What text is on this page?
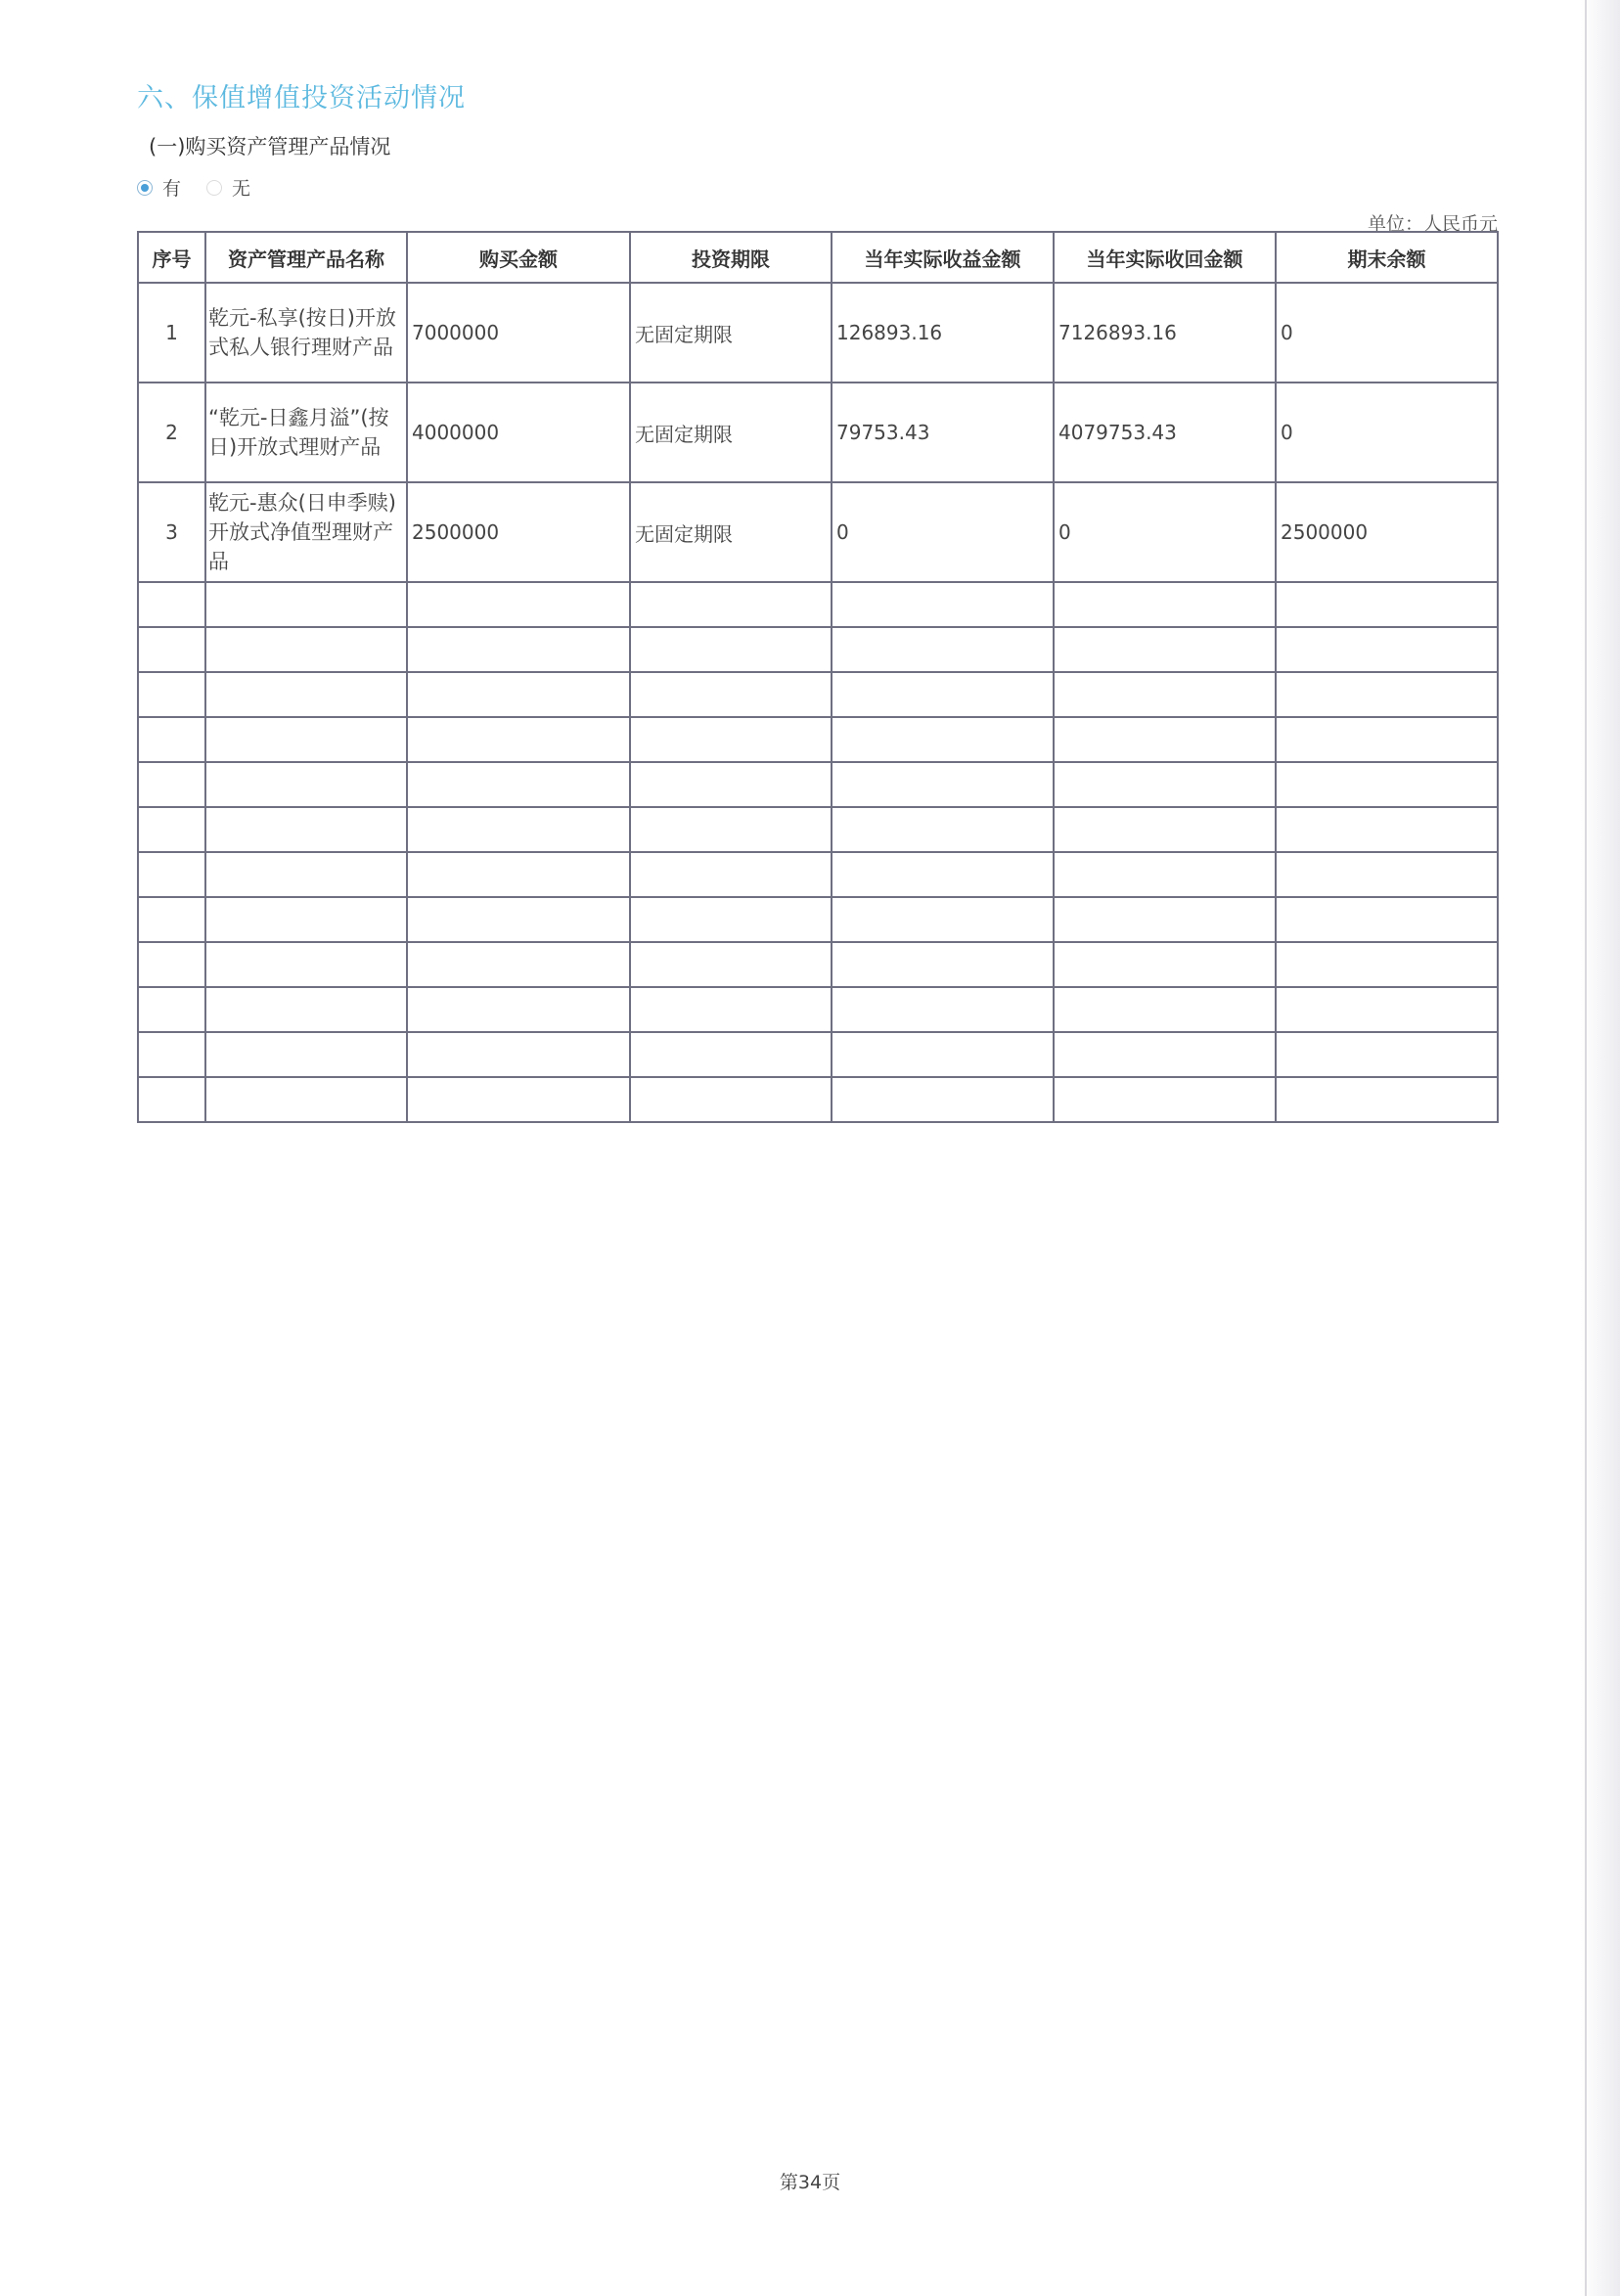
六、保值增值投资活动情况
(一)购买资产管理产品情况
有	无
单位：人民币元
序号	资产管理产品名称	购买金额	投资期限	当年实际收益金额	当年实际收回金额	期末余额
1	乾元-私享(按日)开放式私人银行理财产品	7000000	无固定期限	126893.16	7126893.16	0
2	“乾元-日鑫月溢”(按日)开放式理财产品	4000000	无固定期限	79753.43	4079753.43	0
3	乾元-惠众(日申季赎)开放式净值型理财产品	2500000	无固定期限	0	0	2500000

第34页
